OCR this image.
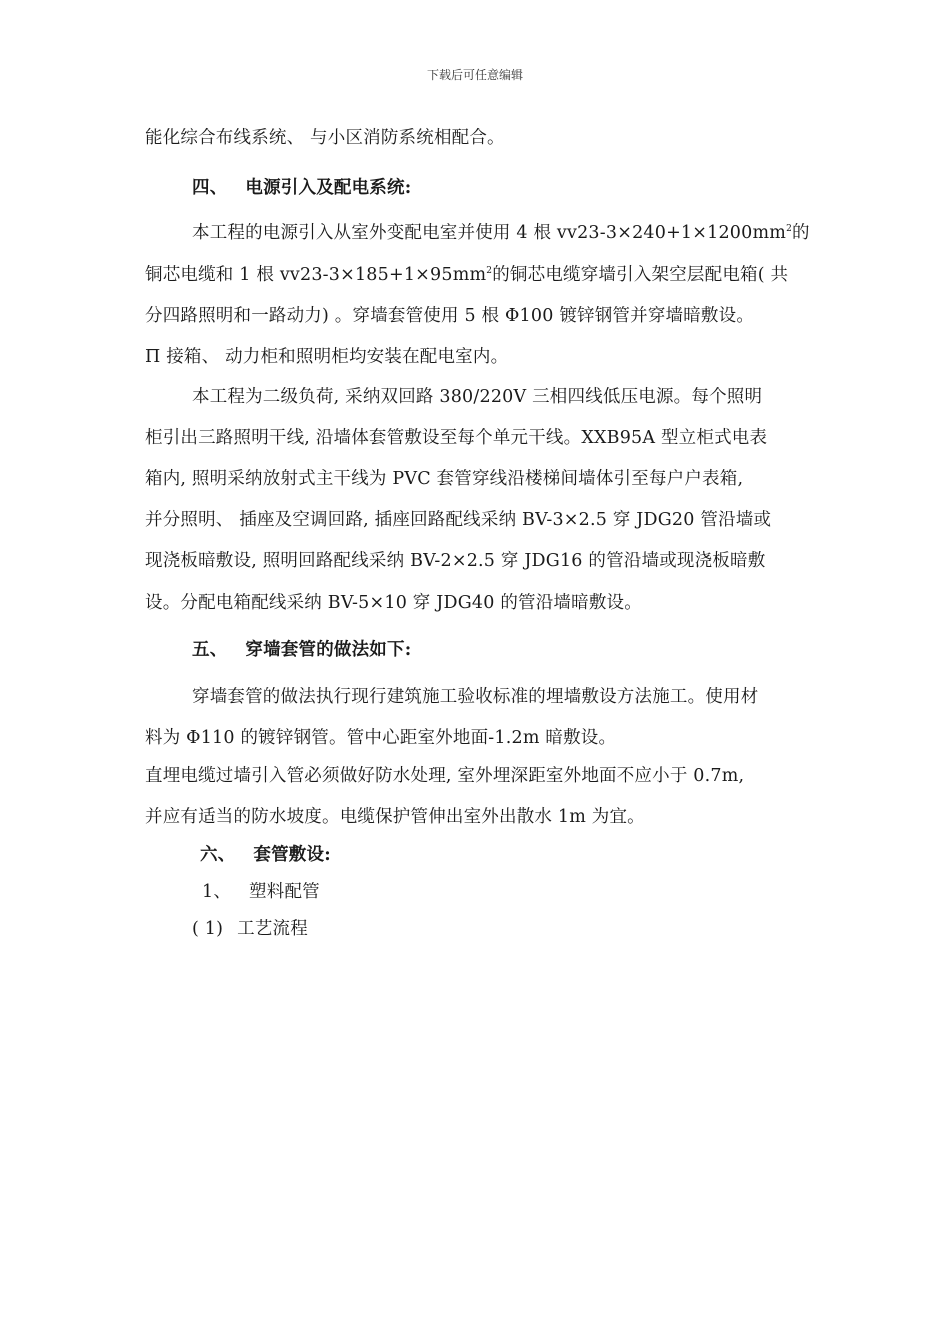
下载后可任意编辑
能化综合布线系统、 与小区消防系统相配合。
四、 电源引入及配电系统:
本工程的电源引入从室外变配电室并使用 4 根 $vv23-3\times 240+1\times 1200mm^2$的
铜芯电缆和 1 根 $vv23-3\times 185+1\times 95mm^2$的铜芯电缆穿墙引入架空层配电箱( 共
分四路照明和一路动力) 。穿墙套管使用 5 根 Φ100 镀锌钢管并穿墙暗敷设。
Π 接箱、 动力柜和照明柜均安装在配电室内。
本工程为二级负荷, 采纳双回路 380/220V 三相四线低压电源。每个照明
柜引出三路照明干线, 沿墙体套管敷设至每个单元干线。XXB95A 型立柜式电表
箱内, 照明采纳放射式主干线为 PVC 套管穿线沿楼梯间墙体引至每户户表箱,
并分照明、 插座及空调回路, 插座回路配线采纳 BV-3×2.5 穿 JDG20 管沿墙或
现浇板暗敷设, 照明回路配线采纳 BV-2×2.5 穿 JDG16 的管沿墙或现浇板暗敷
设。分配电箱配线采纳 BV-5×10 穿 JDG40 的管沿墙暗敷设。
五、 穿墙套管的做法如下:
穿墙套管的做法执行现行建筑施工验收标准的埋墙敷设方法施工。使用材
料为 Φ110 的镀锌钢管。管中心距室外地面-1.2m 暗敷设。
直埋电缆过墙引入管必须做好防水处理, 室外埋深距室外地面不应小于 0.7m,
并应有适当的防水坡度。电缆保护管伸出室外出散水 1m 为宜。
六、 套管敷设:
1、 塑料配管
( 1) 工艺流程
